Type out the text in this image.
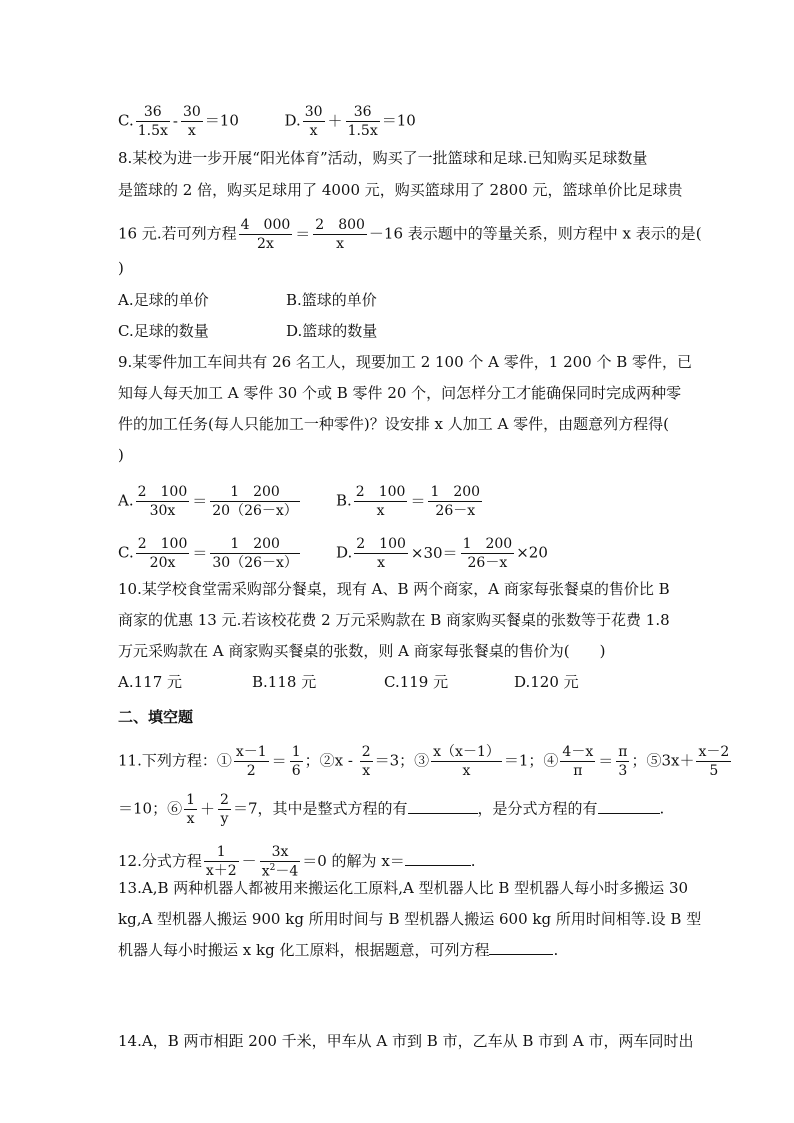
C. $\frac{36}{1.5x} - \frac{30}{x} =10$	D. $\frac{30}{x} + \frac{36}{1.5x} =10$
8.某校为进一步开展“阳光体育”活动，购买了一批篮球和足球.已知购买足球数量
是篮球的 2 倍，购买足球用了 4000 元，购买篮球用了 2800 元，篮球单价比足球贵
16 元.若可列方程 $\frac{4 000}{2x} = \frac{2 800}{x} -16$ 表示题中的等量关系，则方程中 x 表示的是(
)
A.足球的单价	B.篮球的单价
C.足球的数量	D.篮球的数量
9.某零件加工车间共有 26 名工人，现要加工 2 100 个 A 零件，1 200 个 B 零件，已
知每人每天加工 A 零件 30 个或 B 零件 20 个，问怎样分工才能确保同时完成两种零
件的加工任务(每人只能加工一种零件)？设安排 x 人加工 A 零件，由题意列方程得(
)
A. $\frac{2 100}{30x} = \frac{1 200}{20(26-x)} B$. $\frac{2 100}{x} = \frac{1 200}{26-x}$
C. $\frac{2 100}{20x} = \frac{1 200}{30(26-x)} D$. $\frac{2 100}{x} \times 30= \frac{1 200}{26-x} \times 20$
10.某学校食堂需采购部分餐桌，现有 A、B 两个商家，A 商家每张餐桌的售价比 B
商家的优惠 13 元.若该校花费 2 万元采购款在 B 商家购买餐桌的张数等于花费 1.8
万元采购款在 A 商家购买餐桌的张数，则 A 商家每张餐桌的售价为(　　)
A.117 元	B.118 元	C.119 元	D.120 元
二、填空题
11.下列方程：① $\frac{x-1}{2} = \frac{1}{6}$ ；②x - $\frac{2}{x} =3$；③ $\frac{x(x-1)}{x} =1$；④ $\frac{4-x}{\pi} = \frac{\pi}{3}$ ；⑤3x＋ $\frac{x-2}{5}$
＝10；⑥ $\frac{1}{x} + \frac{2}{y} =7$，其中是整式方程的有	，是分式方程的有	.
12.分式方程 $\frac{1}{x+2} - \frac{3x}{x^2-4} =0$ 的解为 x＝	.
13.A,B 两种机器人都被用来搬运化工原料,A 型机器人比 B 型机器人每小时多搬运 30
kg,A 型机器人搬运 900 kg 所用时间与 B 型机器人搬运 600 kg 所用时间相等.设 B 型
机器人每小时搬运 x kg 化工原料，根据题意，可列方程	.
14.A，B 两市相距 200 千米，甲车从 A 市到 B 市，乙车从 B 市到 A 市，两车同时出
